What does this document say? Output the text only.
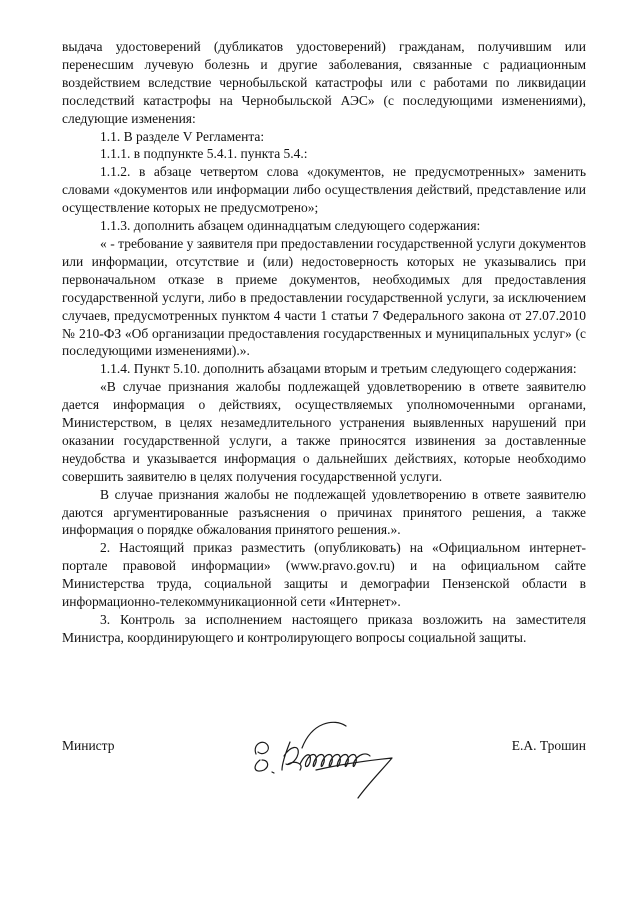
выдача удостоверений (дубликатов удостоверений) гражданам, получившим или перенесшим лучевую болезнь и другие заболевания, связанные с радиационным воздействием вследствие чернобыльской катастрофы или с работами по ликвидации последствий катастрофы на Чернобыльской АЭС» (с последующими изменениями), следующие изменения:

1.1. В разделе V Регламента:

1.1.1. в подпункте 5.4.1. пункта 5.4.:

1.1.2. в абзаце четвертом слова «документов, не предусмотренных» заменить словами «документов или информации либо осуществления действий, представление или осуществление которых не предусмотрено»;

1.1.3. дополнить абзацем одиннадцатым следующего содержания:

« - требование у заявителя при предоставлении государственной услуги документов или информации, отсутствие и (или) недостоверность которых не указывались при первоначальном отказе в приеме документов, необходимых для предоставления государственной услуги, либо в предоставлении государственной услуги, за исключением случаев, предусмотренных пунктом 4 части 1 статьи 7 Федерального закона от 27.07.2010 № 210-ФЗ «Об организации предоставления государственных и муниципальных услуг» (с последующими изменениями).».

1.1.4. Пункт 5.10. дополнить абзацами вторым и третьим следующего содержания:

«В случае признания жалобы подлежащей удовлетворению в ответе заявителю дается информация о действиях, осуществляемых уполномоченными органами, Министерством, в целях незамедлительного устранения выявленных нарушений при оказании государственной услуги, а также приносятся извинения за доставленные неудобства и указывается информация о дальнейших действиях, которые необходимо совершить заявителю в целях получения государственной услуги.

В случае признания жалобы не подлежащей удовлетворению в ответе заявителю даются аргументированные разъяснения о причинах принятого решения, а также информация о порядке обжалования принятого решения.».

2. Настоящий приказ разместить (опубликовать) на «Официальном интернет-портале правовой информации» (www.pravo.gov.ru) и на официальном сайте Министерства труда, социальной защиты и демографии Пензенской области в информационно-телекоммуникационной сети «Интернет».

3. Контроль за исполнением настоящего приказа возложить на заместителя Министра, координирующего и контролирующего вопросы социальной защиты.

Министр	Е.А. Трошин
